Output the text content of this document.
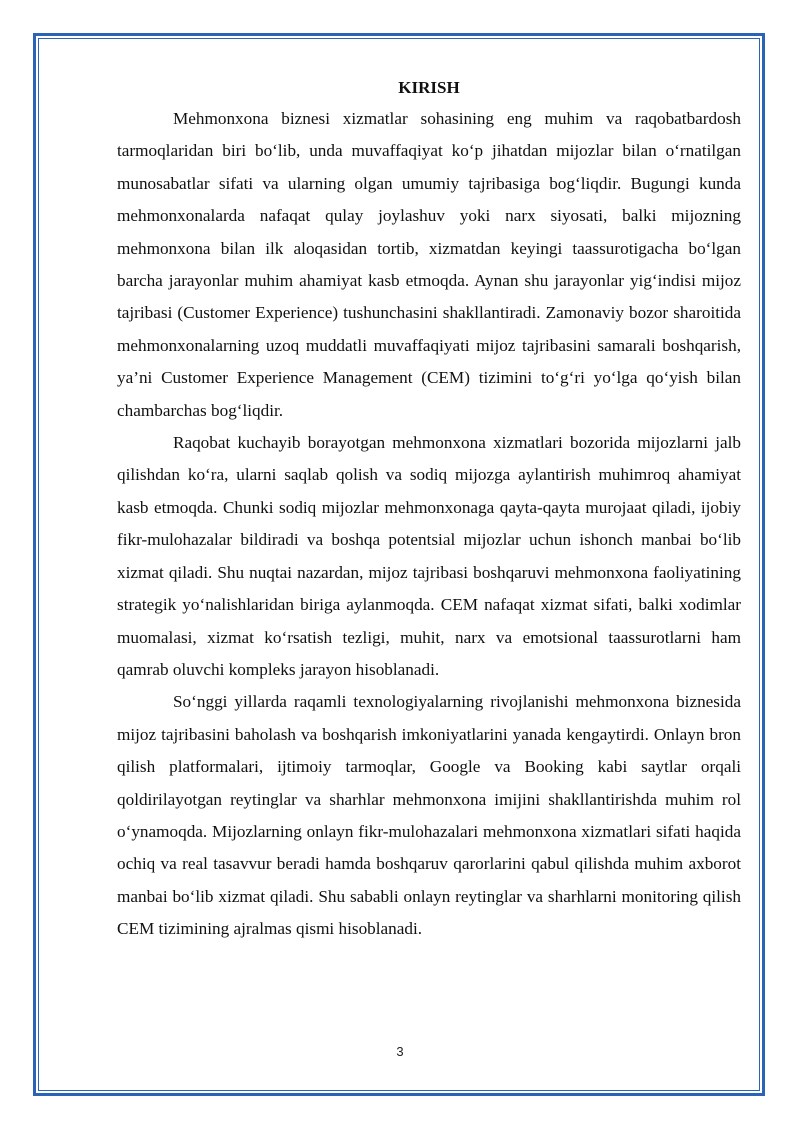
KIRISH

Mehmonxona biznesi xizmatlar sohasining eng muhim va raqobatbardosh tarmoqlaridan biri bo‘lib, unda muvaffaqiyat ko‘p jihatdan mijozlar bilan o‘rnatilgan munosabatlar sifati va ularning olgan umumiy tajribasiga bog‘liqdir. Bugungi kunda mehmonxonalarda nafaqat qulay joylashuv yoki narx siyosati, balki mijozning mehmonxona bilan ilk aloqasidan tortib, xizmatdan keyingi taassurotigacha bo‘lgan barcha jarayonlar muhim ahamiyat kasb etmoqda. Aynan shu jarayonlar yig‘indisi mijoz tajribasi (Customer Experience) tushunchasini shakllantiradi. Zamonaviy bozor sharoitida mehmonxonalarning uzoq muddatli muvaffaqiyati mijoz tajribasini samarali boshqarish, ya’ni Customer Experience Management (CEM) tizimini to‘g‘ri yo‘lga qo‘yish bilan chambarchas bog‘liqdir.

Raqobat kuchayib borayotgan mehmonxona xizmatlari bozorida mijozlarni jalb qilishdan ko‘ra, ularni saqlab qolish va sodiq mijozga aylantirish muhimroq ahamiyat kasb etmoqda. Chunki sodiq mijozlar mehmonxonaga qayta-qayta murojaat qiladi, ijobiy fikr-mulohazalar bildiradi va boshqa potentsial mijozlar uchun ishonch manbai bo‘lib xizmat qiladi. Shu nuqtai nazardan, mijoz tajribasi boshqaruvi mehmonxona faoliyatining strategik yo‘nalishlaridan biriga aylanmoqda. CEM nafaqat xizmat sifati, balki xodimlar muomalasi, xizmat ko‘rsatish tezligi, muhit, narx va emotsional taassurotlarni ham qamrab oluvchi kompleks jarayon hisoblanadi.

So‘nggi yillarda raqamli texnologiyalarning rivojlanishi mehmonxona biznesida mijoz tajribasini baholash va boshqarish imkoniyatlarini yanada kengaytirdi. Onlayn bron qilish platformalari, ijtimoiy tarmoqlar, Google va Booking kabi saytlar orqali qoldirilayotgan reytinglar va sharhlar mehmonxona imijini shakllantirishda muhim rol o‘ynamoqda. Mijozlarning onlayn fikr-mulohazalari mehmonxona xizmatlari sifati haqida ochiq va real tasavvur beradi hamda boshqaruv qarorlarini qabul qilishda muhim axborot manbai bo‘lib xizmat qiladi. Shu sababli onlayn reytinglar va sharhlarni monitoring qilish CEM tizimining ajralmas qismi hisoblanadi.

3
